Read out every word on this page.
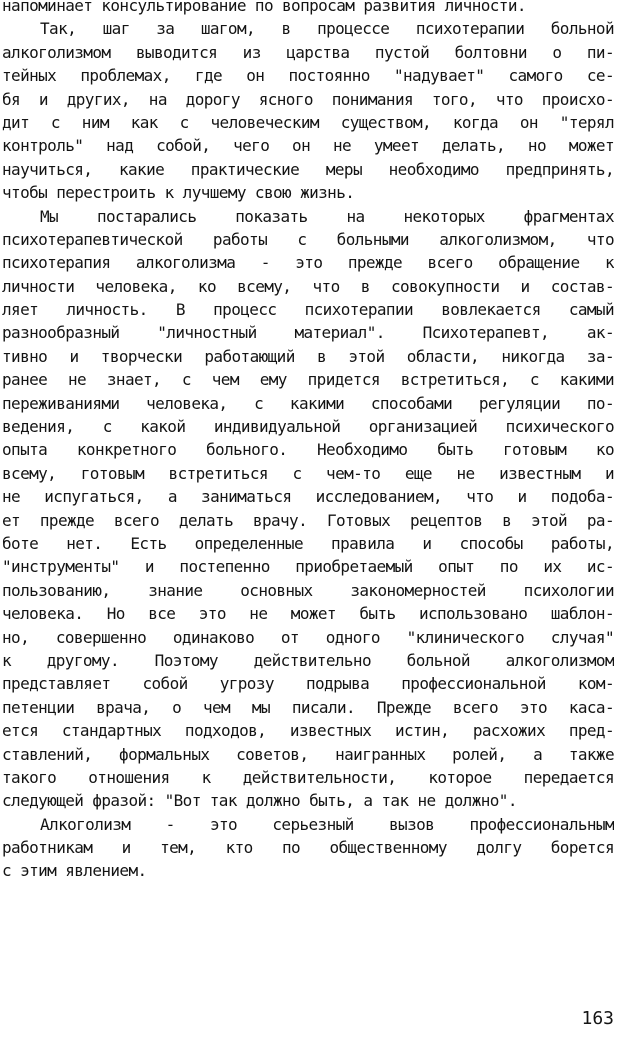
напоминает консультирование по вопросам развития личности.
Так, шаг за шагом, в процессе психотерапии больной
алкоголизмом выводится из царства пустой болтовни о пи-
тейных проблемах, где он постоянно "надувает" самого се-
бя и других, на дорогу ясного понимания того, что происхо-
дит с ним как с человеческим существом, когда он "терял
контроль" над собой, чего он не умеет делать, но может
научиться, какие практические меры необходимо предпринять,
чтобы перестроить к лучшему свою жизнь.
Мы постарались показать на некоторых фрагментах
психотерапевтической работы с больными алкоголизмом, что
психотерапия алкоголизма - это прежде всего обращение к
личности человека, ко всему, что в совокупности и состав-
ляет личность. В процесс психотерапии вовлекается самый
разнообразный "личностный материал". Психотерапевт, ак-
тивно и творчески работающий в этой области, никогда за-
ранее не знает, с чем ему придется встретиться, с какими
переживаниями человека, с какими способами регуляции по-
ведения, с какой индивидуальной организацией психического
опыта конкретного больного. Необходимо быть готовым ко
всему, готовым встретиться с чем-то еще не известным и
не испугаться, а заниматься исследованием, что и подоба-
ет прежде всего делать врачу. Готовых рецептов в этой ра-
боте нет. Есть определенные правила и способы работы,
"инструменты" и постепенно приобретаемый опыт по их ис-
пользованию, знание основных закономерностей психологии
человека. Но все это не может быть использовано шаблон-
но, совершенно одинаково от одного "клинического случая"
к другому. Поэтому действительно больной алкоголизмом
представляет собой угрозу подрыва профессиональной ком-
петенции врача, о чем мы писали. Прежде всего это каса-
ется стандартных подходов, известных истин, расхожих пред-
ставлений, формальных советов, наигранных ролей, а также
такого отношения к действительности, которое передается
следующей фразой: "Вот так должно быть, а так не должно".
Алкоголизм - это серьезный вызов профессиональным
работникам и тем, кто по общественному долгу борется
с этим явлением.
163
